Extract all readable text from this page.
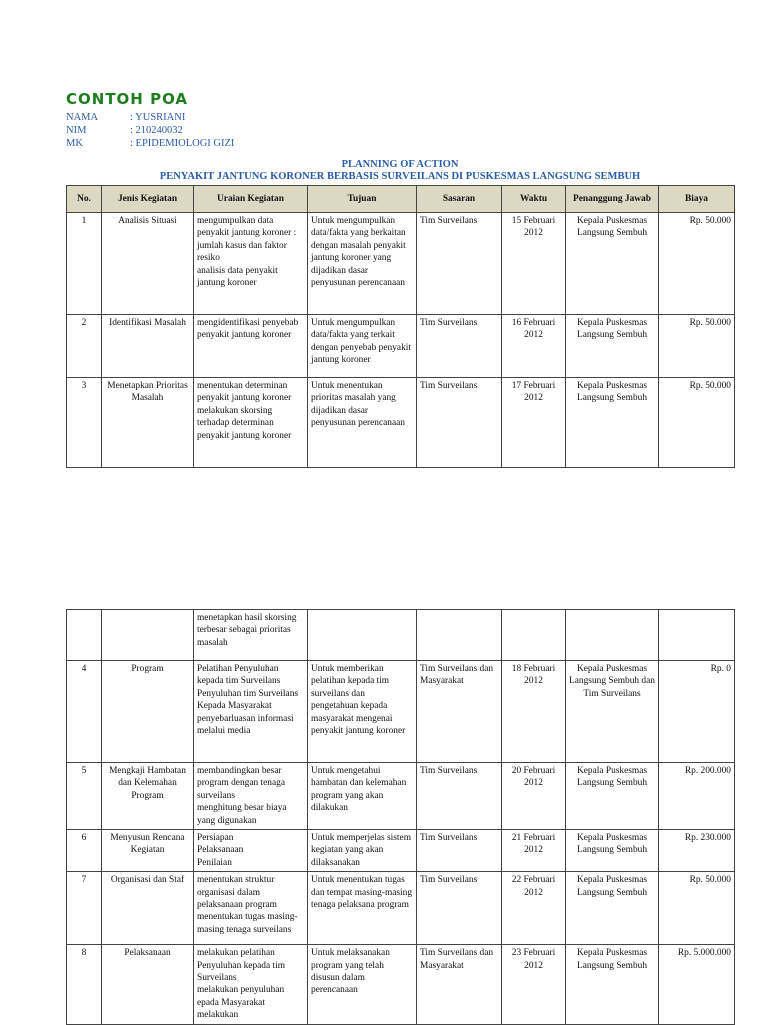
CONTOH POA
NAMA	: YUSRIANI
NIM	: 210240032
MK	: EPIDEMIOLOGI GIZI
PLANNING OF ACTION
PENYAKIT JANTUNG KORONER BERBASIS SURVEILANS DI PUSKESMAS LANGSUNG SEMBUH
No.	Jenis Kegiatan	Uraian Kegiatan	Tujuan	Sasaran	Waktu	Penanggung Jawab	Biaya
1	Analisis Situasi	mengumpulkan data penyakit jantung koroner : jumlah kasus dan faktor resiko
analisis data penyakit jantung koroner	Untuk mengumpulkan data/fakta yang berkaitan dengan masalah penyakit jantung koroner yang dijadikan dasar penyusunan perencanaan	Tim Surveilans	15 Februari 2012	Kepala Puskesmas Langsung Sembuh	Rp. 50.000
2	Identifikasi Masalah	mengidentifikasi penyebab penyakit jantung koroner	Untuk mengumpulkan data/fakta yang terkait dengan penyebab penyakit jantung koroner	Tim Surveilans	16 Februari 2012	Kepala Puskesmas Langsung Sembuh	Rp. 50.000
3	Menetapkan Prioritas Masalah	menentukan determinan penyakit jantung koroner
melakukan skorsing terhadap determinan penyakit jantung koroner	Untuk menentukan prioritas masalah yang dijadikan dasar penyusunan perencanaan	Tim Surveilans	17 Februari 2012	Kepala Puskesmas Langsung Sembuh	Rp. 50.000

		menetapkan hasil skorsing terbesar sebagai prioritas masalah					

4	Program	Pelatihan Penyuluhan kepada tim Surveilans
Penyuluhan tim Surveilans Kepada Masyarakat
penyebarluasan informasi melalui media	Untuk memberikan pelatihan kepada tim surveilans dan pengetahuan kepada masyarakat mengenai penyakit jantung koroner	Tim Surveilans dan Masyarakat	18 Februari 2012	Kepala Puskesmas Langsung Sembuh dan Tim Surveilans	Rp. 0
5	Mengkaji Hambatan dan Kelemahan Program	membandingkan besar program dengan tenaga surveilans
menghitung besar biaya yang digunakan	Untuk mengetahui hambatan dan kelemahan program yang akan dilakukan	Tim Surveilans	20 Februari 2012	Kepala Puskesmas Langsung Sembuh	Rp. 200.000
6	Menyusun Rencana Kegiatan	Persiapan
Pelaksanaan
Penilaian	Untuk memperjelas sistem kegiatan yang akan dilaksanakan	Tim Surveilans	21 Februari 2012	Kepala Puskesmas Langsung Sembuh	Rp. 230.000
7	Organisasi dan Staf	menentukan struktur organisasi dalam pelaksanaan program
menentukan tugas masing-masing tenaga surveilans	Untuk menentukan tugas dan tempat masing-masing tenaga pelaksana program	Tim Surveilans	22 Februari 2012	Kepala Puskesmas Langsung Sembuh	Rp. 50.000
8	Pelaksanaan	melakukan pelatihan Penyuluhan kepada tim Surveilans
melakukan penyuluhan epada Masyarakat
melakukan	Untuk melaksanakan program yang telah disusun dalam perencanaan	Tim Surveilans dan Masyarakat	23 Februari 2012	Kepala Puskesmas Langsung Sembuh	Rp. 5.000.000
